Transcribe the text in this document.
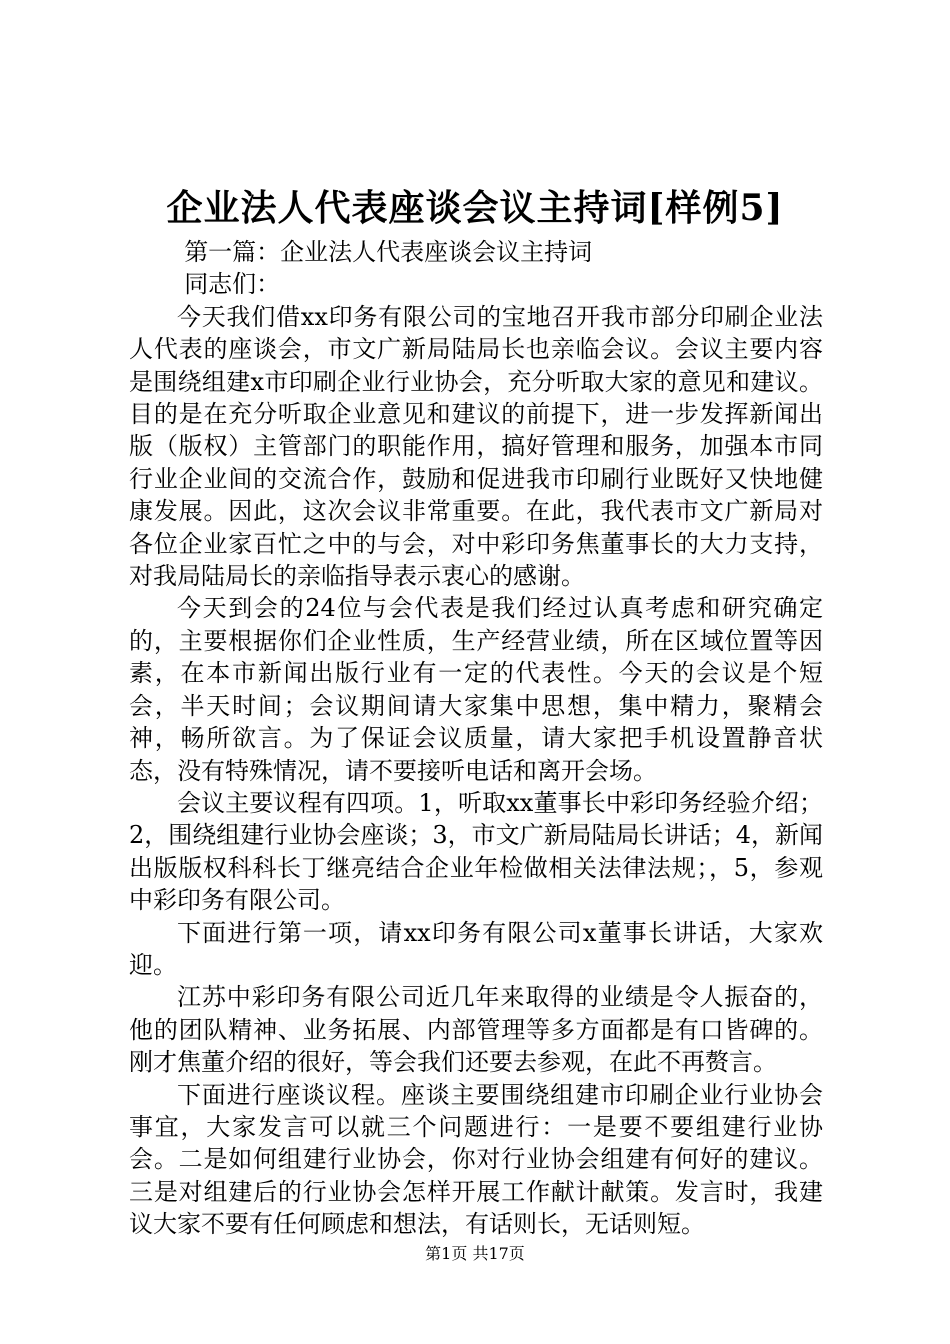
企业法人代表座谈会议主持词[样例5]

第一篇：企业法人代表座谈会议主持词

同志们：

今天我们借xx印务有限公司的宝地召开我市部分印刷企业法人代表的座谈会，市文广新局陆局长也亲临会议。会议主要内容是围绕组建x市印刷企业行业协会，充分听取大家的意见和建议。目的是在充分听取企业意见和建议的前提下，进一步发挥新闻出版（版权）主管部门的职能作用，搞好管理和服务，加强本市同行业企业间的交流合作，鼓励和促进我市印刷行业既好又快地健康发展。因此，这次会议非常重要。在此，我代表市文广新局对各位企业家百忙之中的与会，对中彩印务焦董事长的大力支持，对我局陆局长的亲临指导表示衷心的感谢。

今天到会的24位与会代表是我们经过认真考虑和研究确定的，主要根据你们企业性质，生产经营业绩，所在区域位置等因素，在本市新闻出版行业有一定的代表性。今天的会议是个短会，半天时间；会议期间请大家集中思想，集中精力，聚精会神，畅所欲言。为了保证会议质量，请大家把手机设置静音状态，没有特殊情况，请不要接听电话和离开会场。

会议主要议程有四项。1，听取xx董事长中彩印务经验介绍；2，围绕组建行业协会座谈；3，市文广新局陆局长讲话；4，新闻出版版权科科长丁继亮结合企业年检做相关法律法规；，5，参观中彩印务有限公司。

下面进行第一项，请xx印务有限公司x董事长讲话，大家欢迎。

江苏中彩印务有限公司近几年来取得的业绩是令人振奋的，他的团队精神、业务拓展、内部管理等多方面都是有口皆碑的。刚才焦董介绍的很好，等会我们还要去参观，在此不再赘言。

下面进行座谈议程。座谈主要围绕组建市印刷企业行业协会事宜，大家发言可以就三个问题进行：一是要不要组建行业协会。二是如何组建行业协会，你对行业协会组建有何好的建议。三是对组建后的行业协会怎样开展工作献计献策。发言时，我建议大家不要有任何顾虑和想法，有话则长，无话则短。

第1页 共17页
